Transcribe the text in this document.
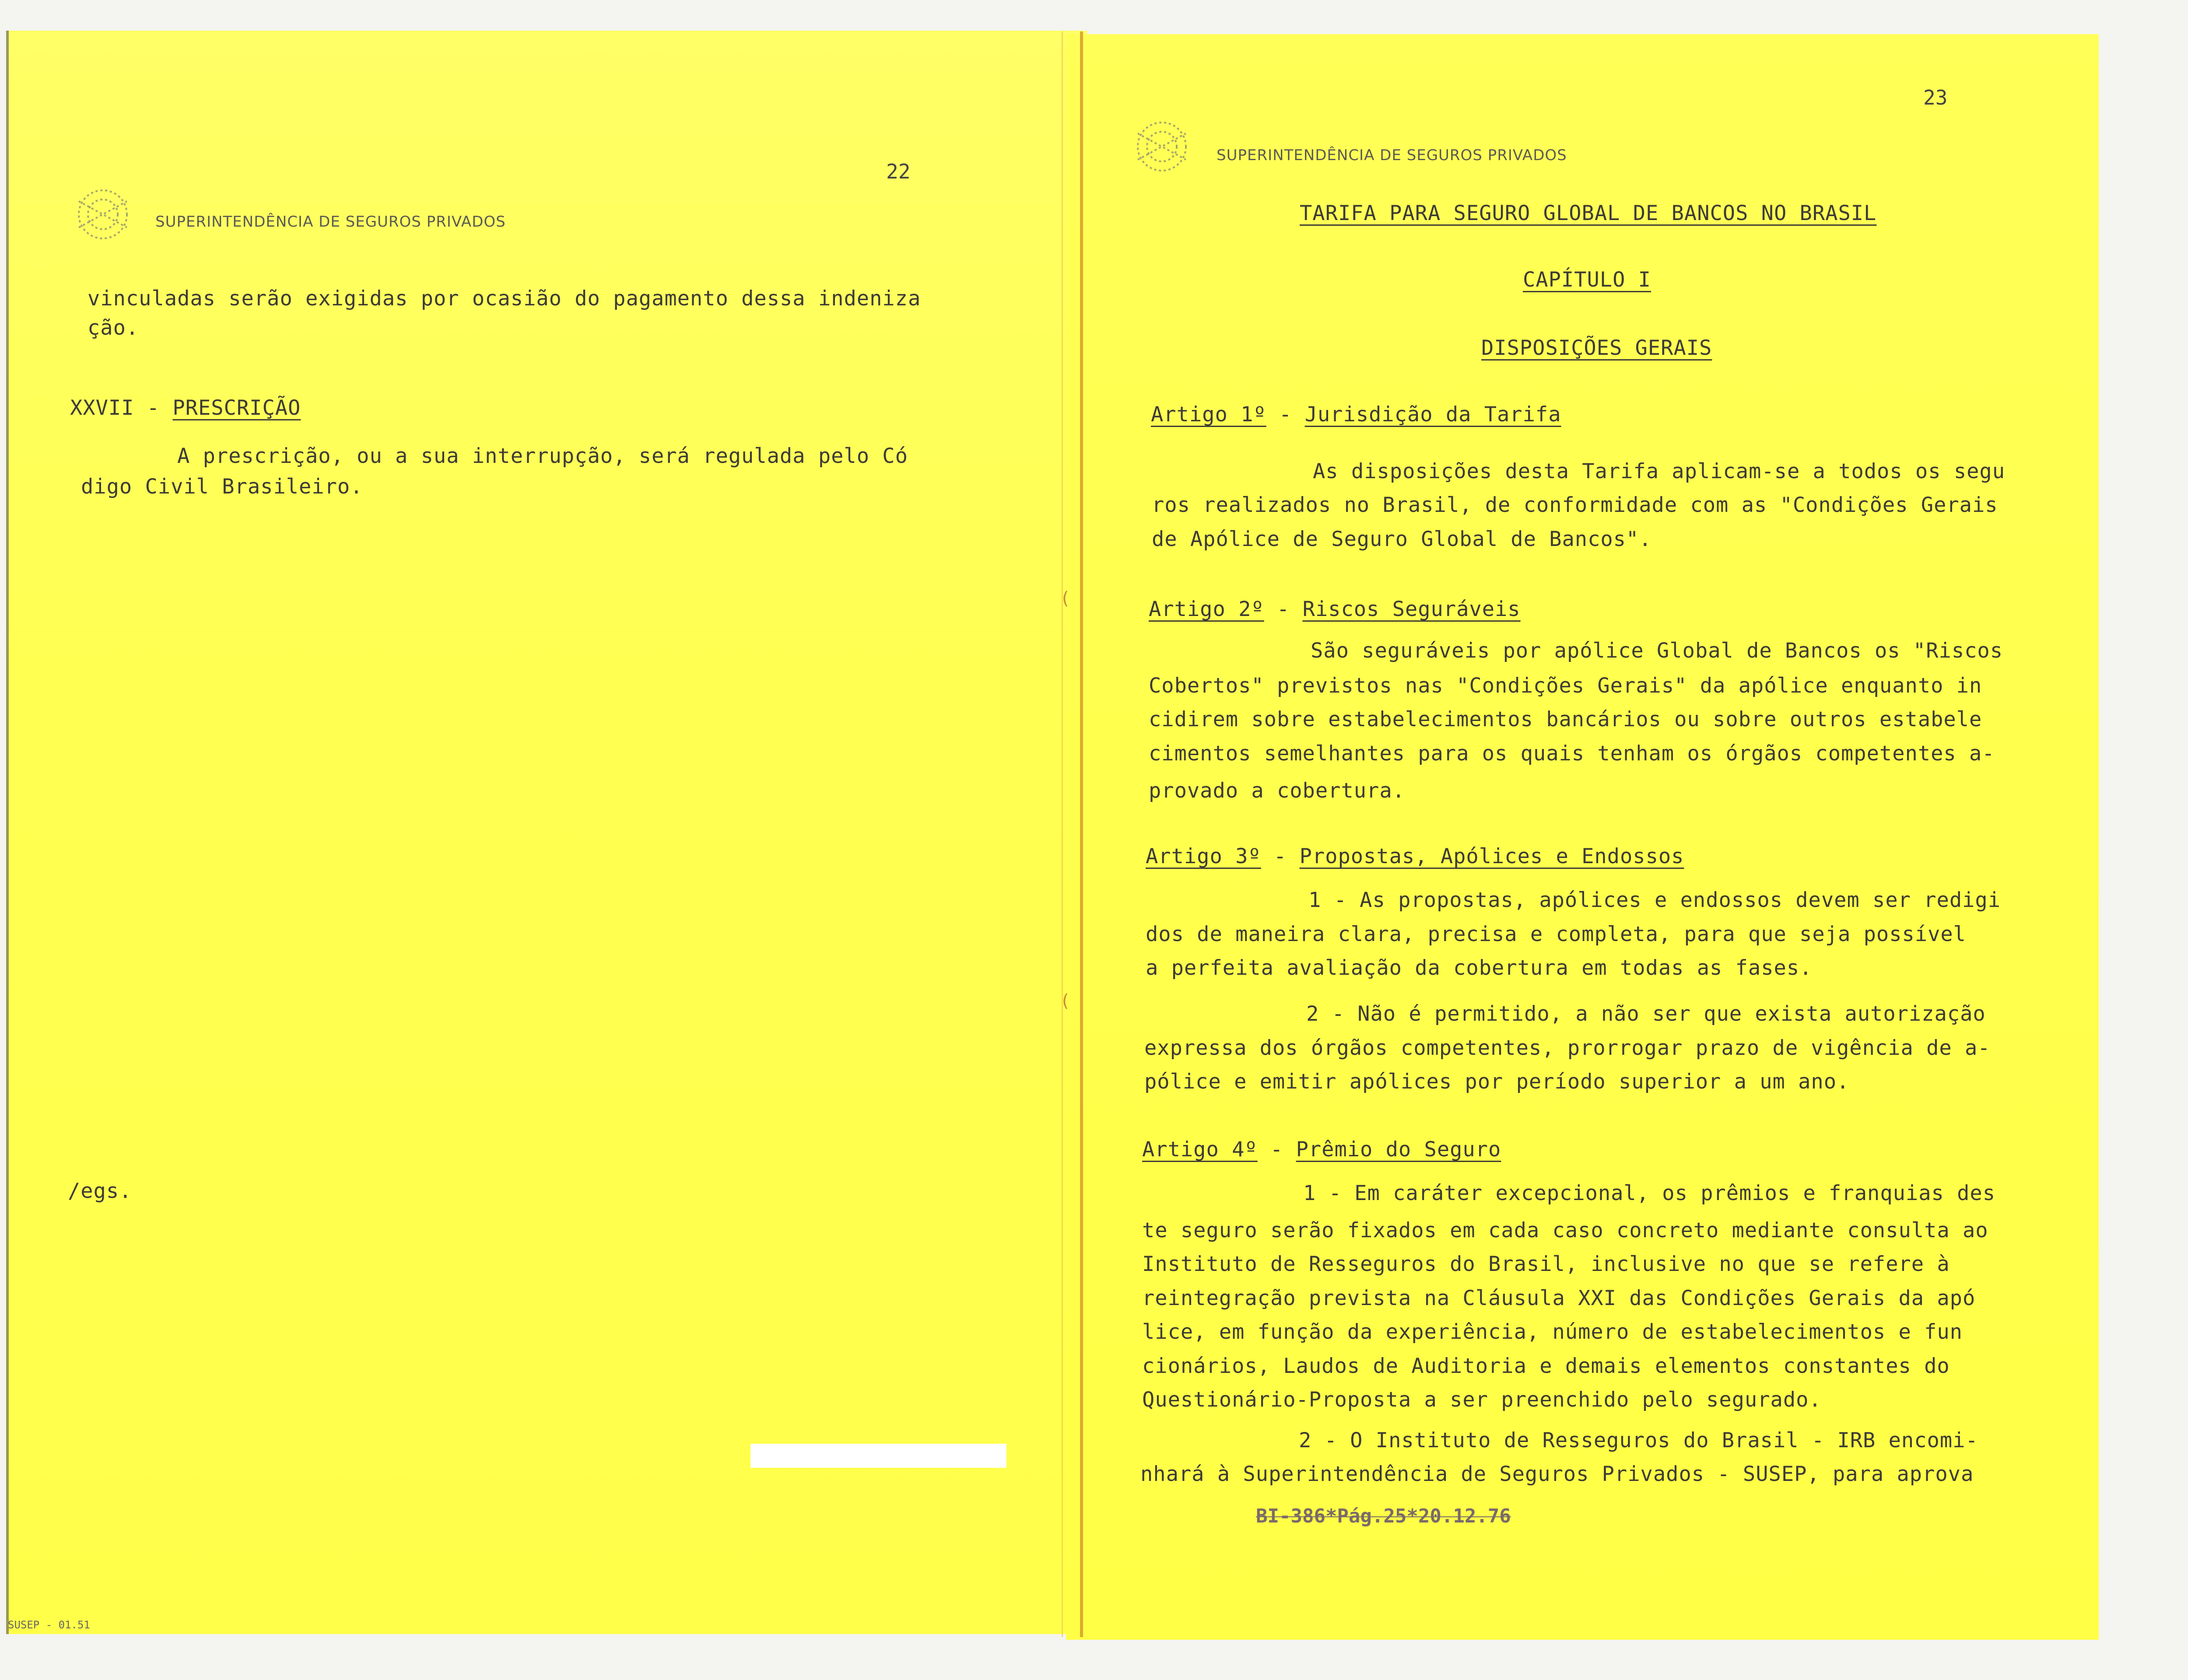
22
SUPERINTENDÊNCIA DE SEGUROS PRIVADOS
vinculadas serão exigidas por ocasião do pagamento dessa indeniza
ção.
XXVII - PRESCRIÇÃO
A prescrição, ou a sua interrupção, será regulada pelo Có
digo Civil Brasileiro.
/egs.
SUSEP - 01.51
(
(
23
SUPERINTENDÊNCIA DE SEGUROS PRIVADOS
TARIFA PARA SEGURO GLOBAL DE BANCOS NO BRASIL
CAPÍTULO I
DISPOSIÇÕES GERAIS
Artigo 1º - Jurisdição da Tarifa
As disposições desta Tarifa aplicam-se a todos os segu
ros realizados no Brasil, de conformidade com as "Condições Gerais
de Apólice de Seguro Global de Bancos".
Artigo 2º - Riscos Seguráveis
São seguráveis por apólice Global de Bancos os "Riscos
Cobertos" previstos nas "Condições Gerais" da apólice enquanto in
cidirem sobre estabelecimentos bancários ou sobre outros estabele
cimentos semelhantes para os quais tenham os órgãos competentes a-
provado a cobertura.
Artigo 3º - Propostas, Apólices e Endossos
1 - As propostas, apólices e endossos devem ser redigi
dos de maneira clara, precisa e completa, para que seja possível
a perfeita avaliação da cobertura em todas as fases.
2 - Não é permitido, a não ser que exista autorização
expressa dos órgãos competentes, prorrogar prazo de vigência de a-
pólice e emitir apólices por período superior a um ano.
Artigo 4º - Prêmio do Seguro
1 - Em caráter excepcional, os prêmios e franquias des
te seguro serão fixados em cada caso concreto mediante consulta ao
Instituto de Resseguros do Brasil, inclusive no que se refere à
reintegração prevista na Cláusula XXI das Condições Gerais da apó
lice, em função da experiência, número de estabelecimentos e fun
cionários, Laudos de Auditoria e demais elementos constantes do
Questionário-Proposta a ser preenchido pelo segurado.
2 - O Instituto de Resseguros do Brasil - IRB encomi-
nhará à Superintendência de Seguros Privados - SUSEP, para aprova
BI-386*Pág.25*20.12.76
